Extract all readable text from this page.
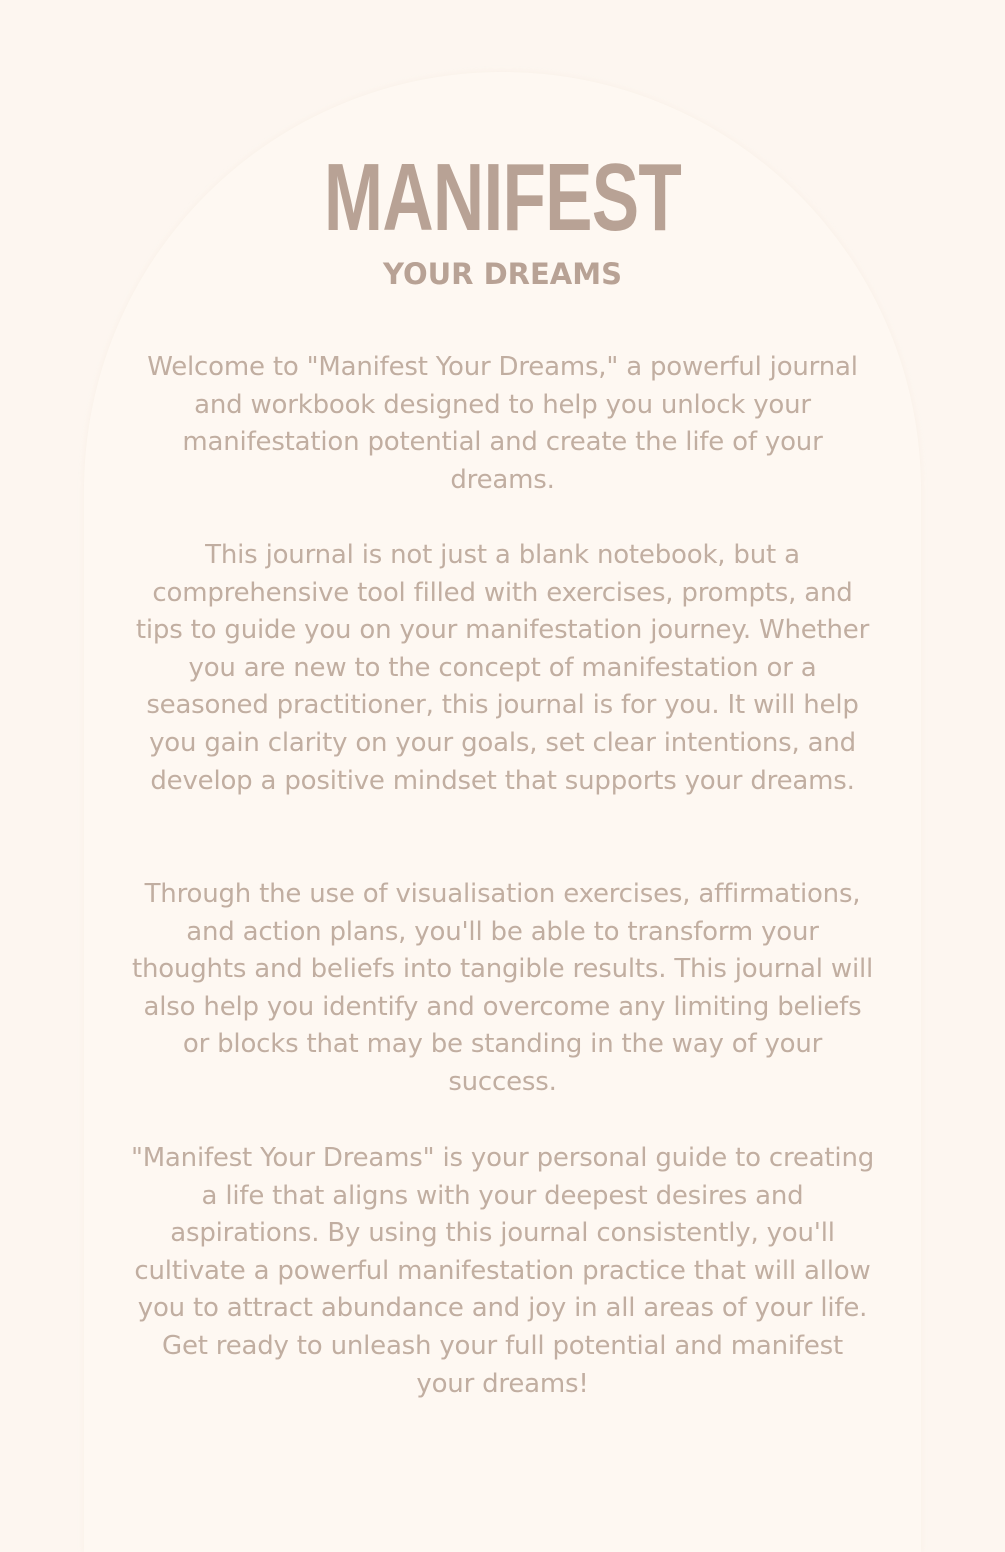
MANIFEST
YOUR DREAMS

Welcome to "Manifest Your Dreams," a powerful journal and workbook designed to help you unlock your manifestation potential and create the life of your dreams.

This journal is not just a blank notebook, but a comprehensive tool filled with exercises, prompts, and tips to guide you on your manifestation journey. Whether you are new to the concept of manifestation or a seasoned practitioner, this journal is for you. It will help you gain clarity on your goals, set clear intentions, and develop a positive mindset that supports your dreams.

Through the use of visualisation exercises, affirmations, and action plans, you'll be able to transform your thoughts and beliefs into tangible results. This journal will also help you identify and overcome any limiting beliefs or blocks that may be standing in the way of your success.

"Manifest Your Dreams" is your personal guide to creating a life that aligns with your deepest desires and aspirations. By using this journal consistently, you'll cultivate a powerful manifestation practice that will allow you to attract abundance and joy in all areas of your life. Get ready to unleash your full potential and manifest your dreams!
